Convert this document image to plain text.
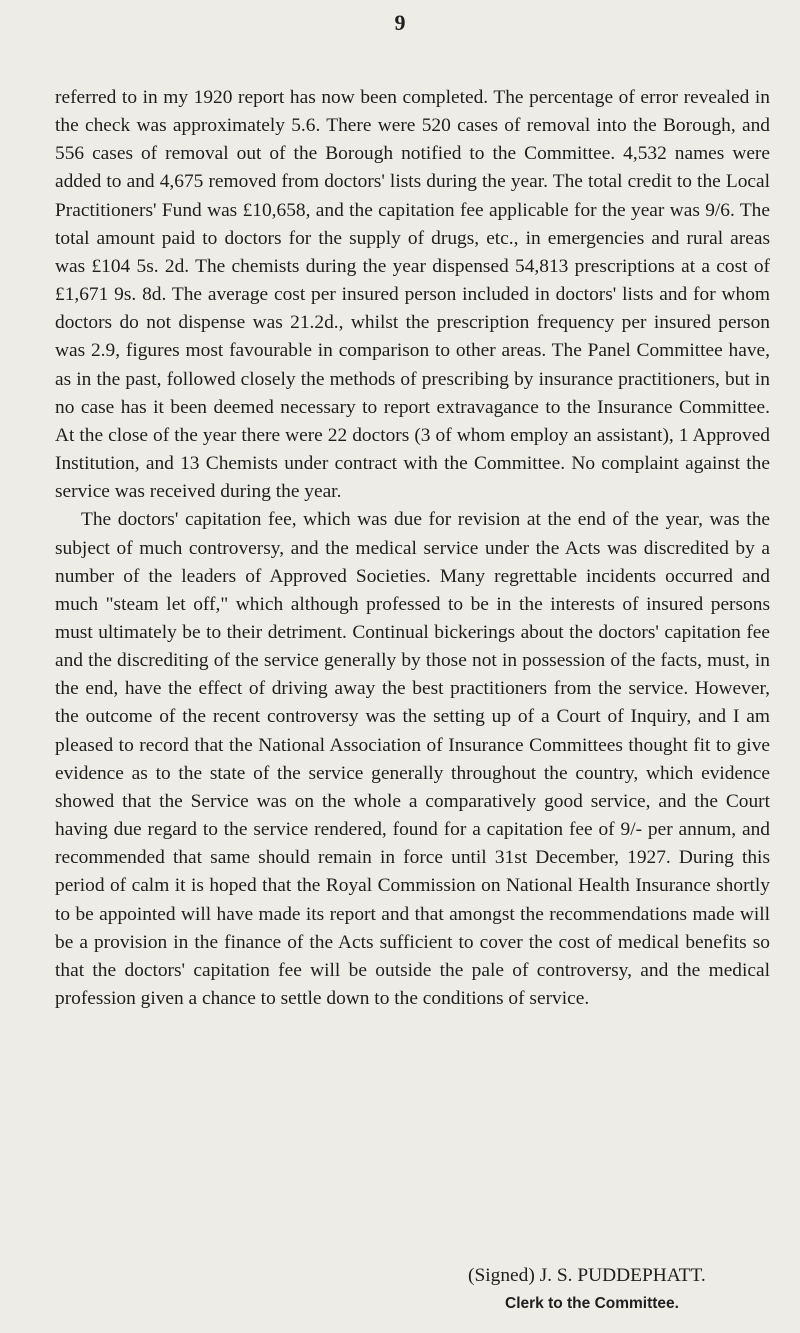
9

referred to in my 1920 report has now been completed. The percentage of error revealed in the check was approximately 5.6. There were 520 cases of removal into the Borough, and 556 cases of removal out of the Borough notified to the Committee. 4,532 names were added to and 4,675 removed from doctors' lists during the year. The total credit to the Local Practitioners' Fund was £10,658, and the capitation fee applicable for the year was 9/6. The total amount paid to doctors for the supply of drugs, etc., in emergencies and rural areas was £104 5s. 2d. The chemists during the year dispensed 54,813 prescriptions at a cost of £1,671 9s. 8d. The average cost per insured person included in doctors' lists and for whom doctors do not dispense was 21.2d., whilst the prescription frequency per insured person was 2.9, figures most favourable in comparison to other areas. The Panel Committee have, as in the past, followed closely the methods of prescribing by insurance practitioners, but in no case has it been deemed necessary to report extravagance to the Insurance Committee. At the close of the year there were 22 doctors (3 of whom employ an assistant), 1 Approved Institution, and 13 Chemists under contract with the Committee. No complaint against the service was received during the year.

The doctors' capitation fee, which was due for revision at the end of the year, was the subject of much controversy, and the medical service under the Acts was discredited by a number of the leaders of Approved Societies. Many regrettable incidents occurred and much "steam let off," which although professed to be in the interests of insured persons must ultimately be to their detriment. Continual bickerings about the doctors' capitation fee and the discrediting of the service generally by those not in possession of the facts, must, in the end, have the effect of driving away the best practitioners from the service. However, the outcome of the recent controversy was the setting up of a Court of Inquiry, and I am pleased to record that the National Association of Insurance Committees thought fit to give evidence as to the state of the service generally throughout the country, which evidence showed that the Service was on the whole a comparatively good service, and the Court having due regard to the service rendered, found for a capitation fee of 9/- per annum, and recommended that same should remain in force until 31st December, 1927. During this period of calm it is hoped that the Royal Commission on National Health Insurance shortly to be appointed will have made its report and that amongst the recommendations made will be a provision in the finance of the Acts sufficient to cover the cost of medical benefits so that the doctors' capitation fee will be outside the pale of controversy, and the medical profession given a chance to settle down to the conditions of service.

(Signed) J. S. PUDDEPHATT.
Clerk to the Committee.
